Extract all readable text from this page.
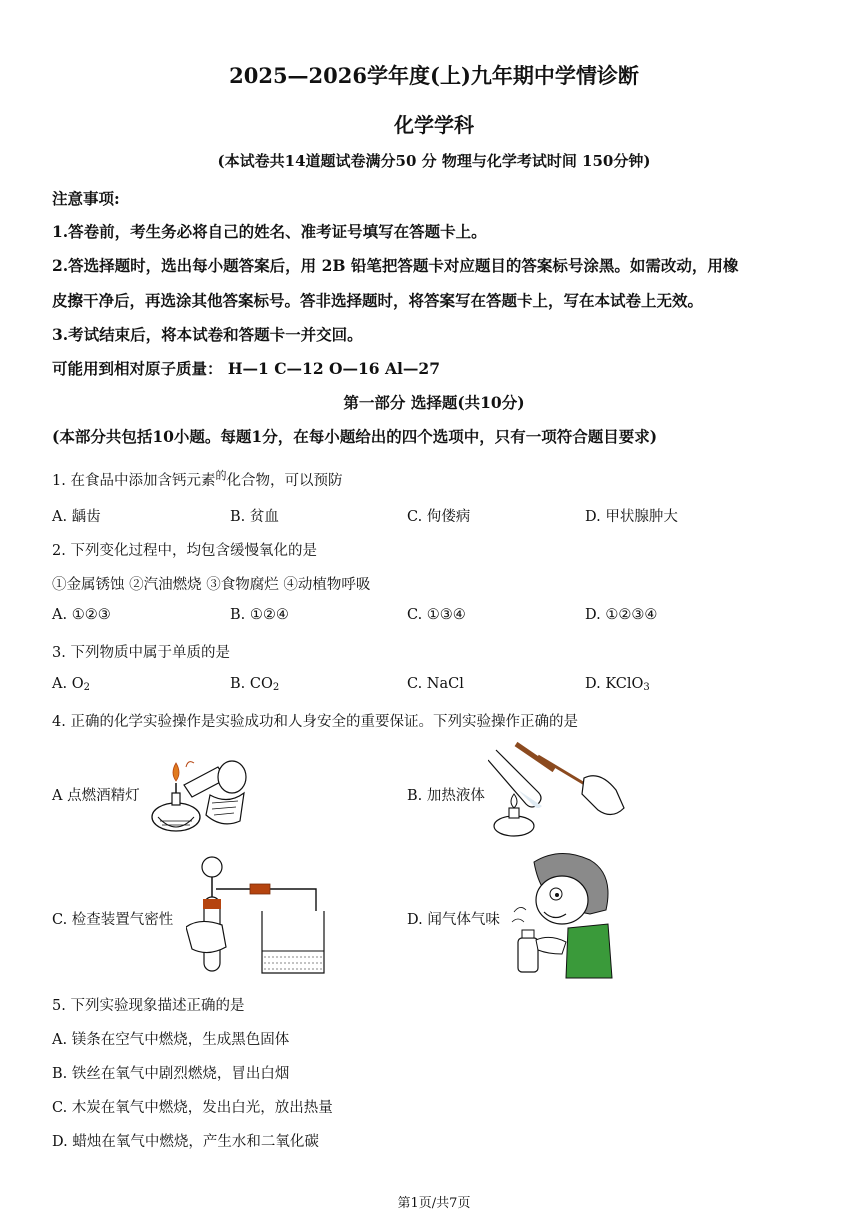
2025—2026学年度(上)九年期中学情诊断
化学学科
(本试卷共14道题试卷满分50 分 物理与化学考试时间 150分钟)
注意事项:
1.答卷前，考生务必将自己的姓名、准考证号填写在答题卡上。
2.答选择题时，选出每小题答案后，用 2B 铅笔把答题卡对应题目的答案标号涂黑。如需改动，用橡
皮擦干净后，再选涂其他答案标号。答非选择题时，将答案写在答题卡上，写在本试卷上无效。
3.考试结束后，将本试卷和答题卡一并交回。
可能用到相对原子质量： H—1 C—12 O—16 Al—27
第一部分 选择题(共10分)
(本部分共包括10小题。每题1分，在每小题给出的四个选项中，只有一项符合题目要求)
1. 在食品中添加含钙元素$^的$化合物，可以预防
A. 龋齿	B. 贫血	C. 佝偻病	D. 甲状腺肿大
2. 下列变化过程中，均包含缓慢氧化的是
①金属锈蚀 ②汽油燃烧 ③食物腐烂 ④动植物呼吸
A. ①②③	B. ①②④	C. ①③④	D. ①②③④
3. 下列物质中属于单质的是
A. $O_2$	B. $CO_2$	C. NaCl	D. KClO$_3$
4. 正确的化学实验操作是实验成功和人身安全的重要保证。下列实验操作正确的是
A 点燃酒精灯	B. 加热液体
C. 检查装置气密性	D. 闻气体气味
5. 下列实验现象描述正确的是
A. 镁条在空气中燃烧，生成黑色固体
B. 铁丝在氧气中剧烈燃烧，冒出白烟
C. 木炭在氧气中燃烧，发出白光，放出热量
D. 蜡烛在氧气中燃烧，产生水和二氧化碳
第1页/共7页
